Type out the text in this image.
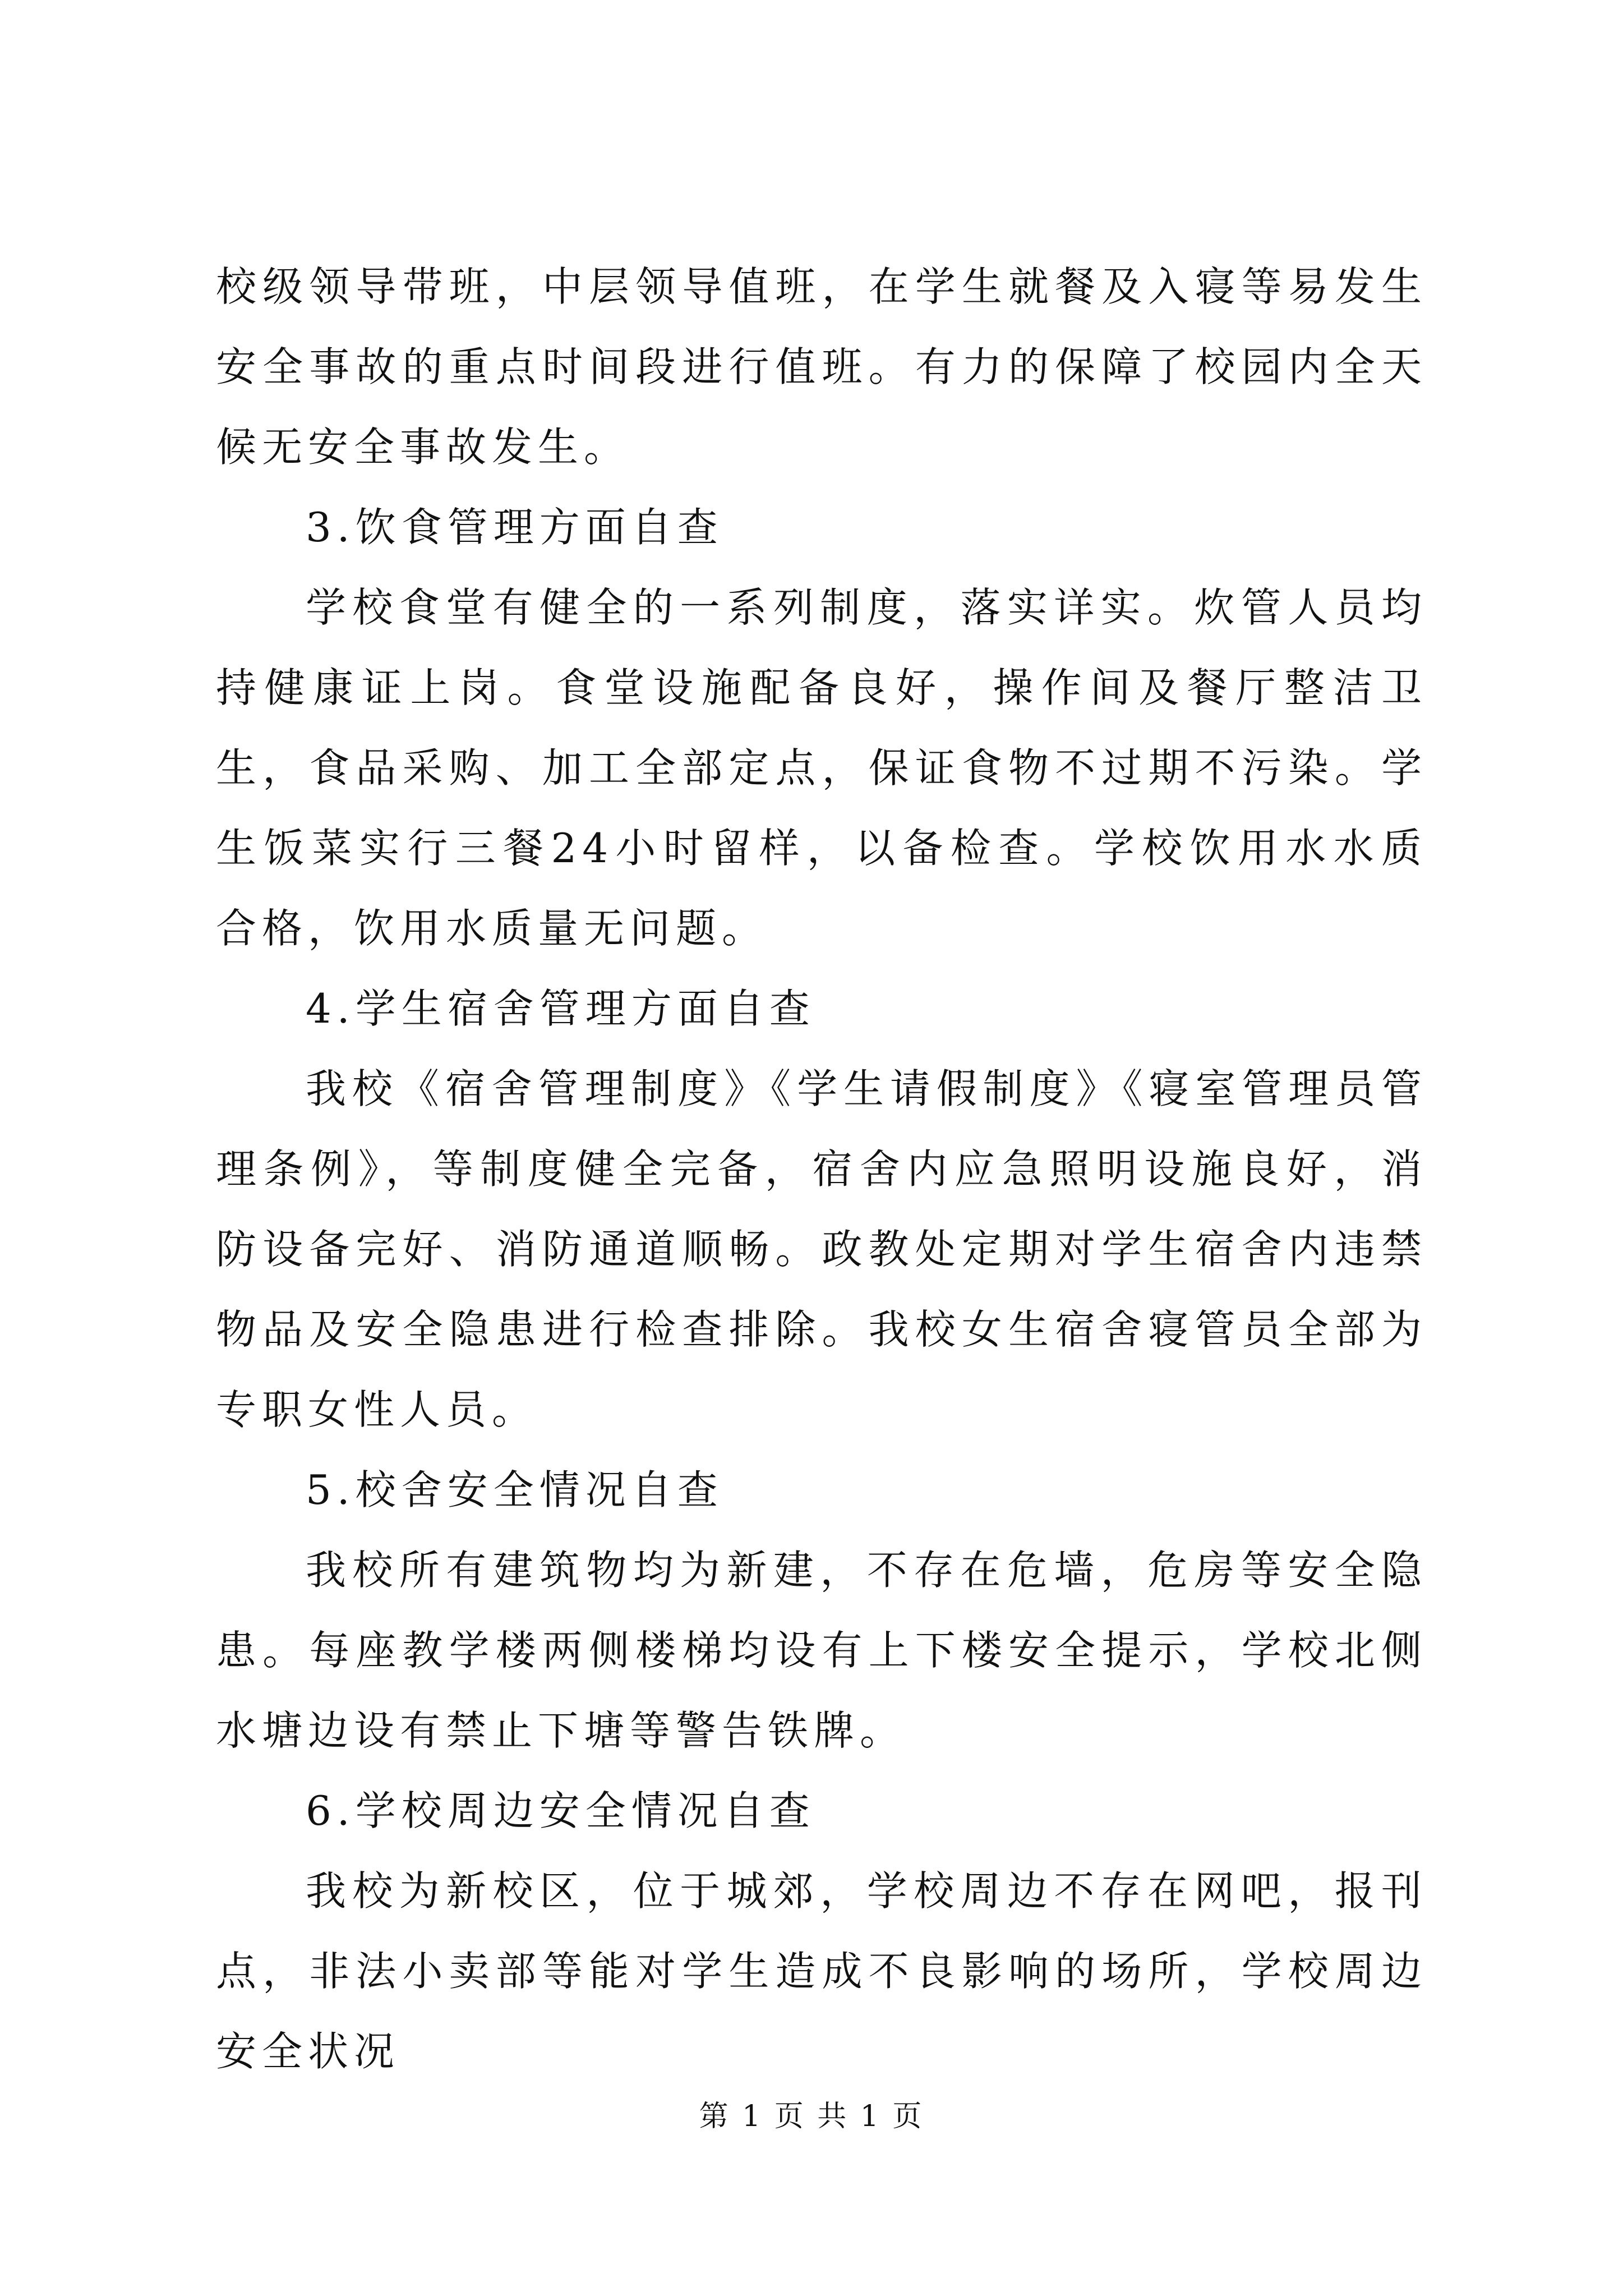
校级领导带班，中层领导值班，在学生就餐及入寝等易发生安全事故的重点时间段进行值班。有力的保障了校园内全天候无安全事故发生。

3.饮食管理方面自查

学校食堂有健全的一系列制度，落实详实。炊管人员均持健康证上岗。食堂设施配备良好，操作间及餐厅整洁卫生，食品采购、加工全部定点，保证食物不过期不污染。学生饭菜实行三餐24小时留样，以备检查。学校饮用水水质合格，饮用水质量无问题。

4.学生宿舍管理方面自查

我校《宿舍管理制度》《学生请假制度》《寝室管理员管理条例》，等制度健全完备，宿舍内应急照明设施良好，消防设备完好、消防通道顺畅。政教处定期对学生宿舍内违禁物品及安全隐患进行检查排除。我校女生宿舍寝管员全部为专职女性人员。

5.校舍安全情况自查

我校所有建筑物均为新建，不存在危墙，危房等安全隐患。每座教学楼两侧楼梯均设有上下楼安全提示，学校北侧水塘边设有禁止下塘等警告铁牌。

6.学校周边安全情况自查

我校为新校区，位于城郊，学校周边不存在网吧，报刊点，非法小卖部等能对学生造成不良影响的场所，学校周边安全状况

第 1 页 共 1 页
